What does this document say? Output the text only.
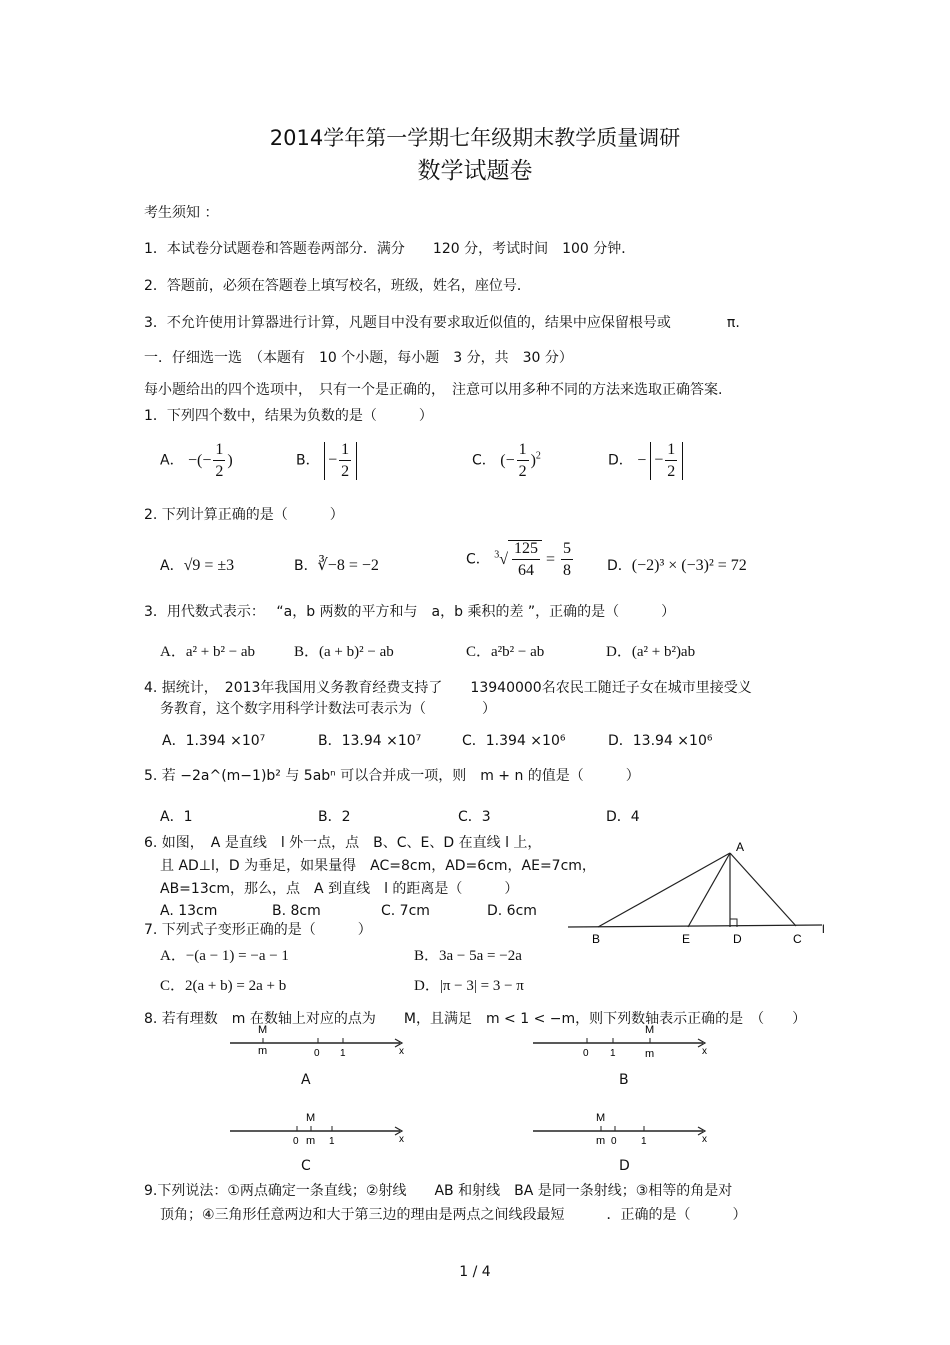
2014学年第一学期七年级期末教学质量调研
数学试题卷
考生须知 ：
1．本试卷分试题卷和答题卷两部分．满分　　120 分，考试时间　100 分钟．
2．答题前，必须在答题卷上填写校名，班级，姓名，座位号．
3．不允许使用计算器进行计算，凡题目中没有要求取近似值的，结果中应保留根号或　　　　π.
一．仔细选一选　（本题有　10 个小题，每小题　3 分，共　30 分）
每小题给出的四个选项中，　只有一个是正确的，　注意可以用多种不同的方法来选取正确答案.
1．下列四个数中，结果为负数的是（　　　）
A． −(− $\frac{1}{2}$ )	B． − $\frac{1}{2}$	C． (− $\frac{1}{2} )^2$	D． − − $\frac{1}{2}$
2. 下列计算正确的是（　　　）
A．√9 = ±3	B．∛−8 = −2	C． $^3√ \frac{125}{64} = \frac{5}{8}$ D．(−2)³ × (−3)² = 72
3．用代数式表示：　 “a，b 两数的平方和与　a，b 乘积的差 ”，正确的是（　　　）
A．a² + b² − ab	B．(a + b)² − ab	C．a²b² − ab	D．(a² + b²)ab
4. 据统计，　2013年我国用义务教育经费支持了　　13940000名农民工随迁子女在城市里接受义
务教育，这个数字用科学计数法可表示为（　　　　）
A．1.394 ×10⁷	B．13.94 ×10⁷	C．1.394 ×10⁶	D．13.94 ×10⁶
5. 若 −2a^(m−1)b² 与 5abⁿ 可以合并成一项，则　m + n 的值是（　　　）
A．1	B．2	C．3	D．4
6. 如图，　A 是直线　l 外一点，点　B、C、E、D 在直线 l 上，
且 AD⊥l，D 为垂足，如果量得　AC=8cm，AD=6cm，AE=7cm，
AB=13cm，那么，点　A 到直线　l 的距离是（　　　）
A. 13cm	B. 8cm	C. 7cm	D. 6cm
A
B	E	D	C
l
7. 下列式子变形正确的是（　　　）
A．−(a − 1) = −a − 1	B．3a − 5a = −2a
C．2(a + b) = 2a + b	D．|π − 3| = 3 − π
8. 若有理数　m 在数轴上对应的点为　　M，且满足　m < 1 < −m，则下列数轴表示正确的是　（　　）
M
m	0 1	x
A
M
0 1	m	x
B
M
0 m 1	x
C
M
m 0 1	x
D
9.下列说法：①两点确定一条直线；②射线　　AB 和射线　BA 是同一条射线；③相等的角是对
顶角；④三角形任意两边和大于第三边的理由是两点之间线段最短　　　．正确的是（　　　）
1 / 4
